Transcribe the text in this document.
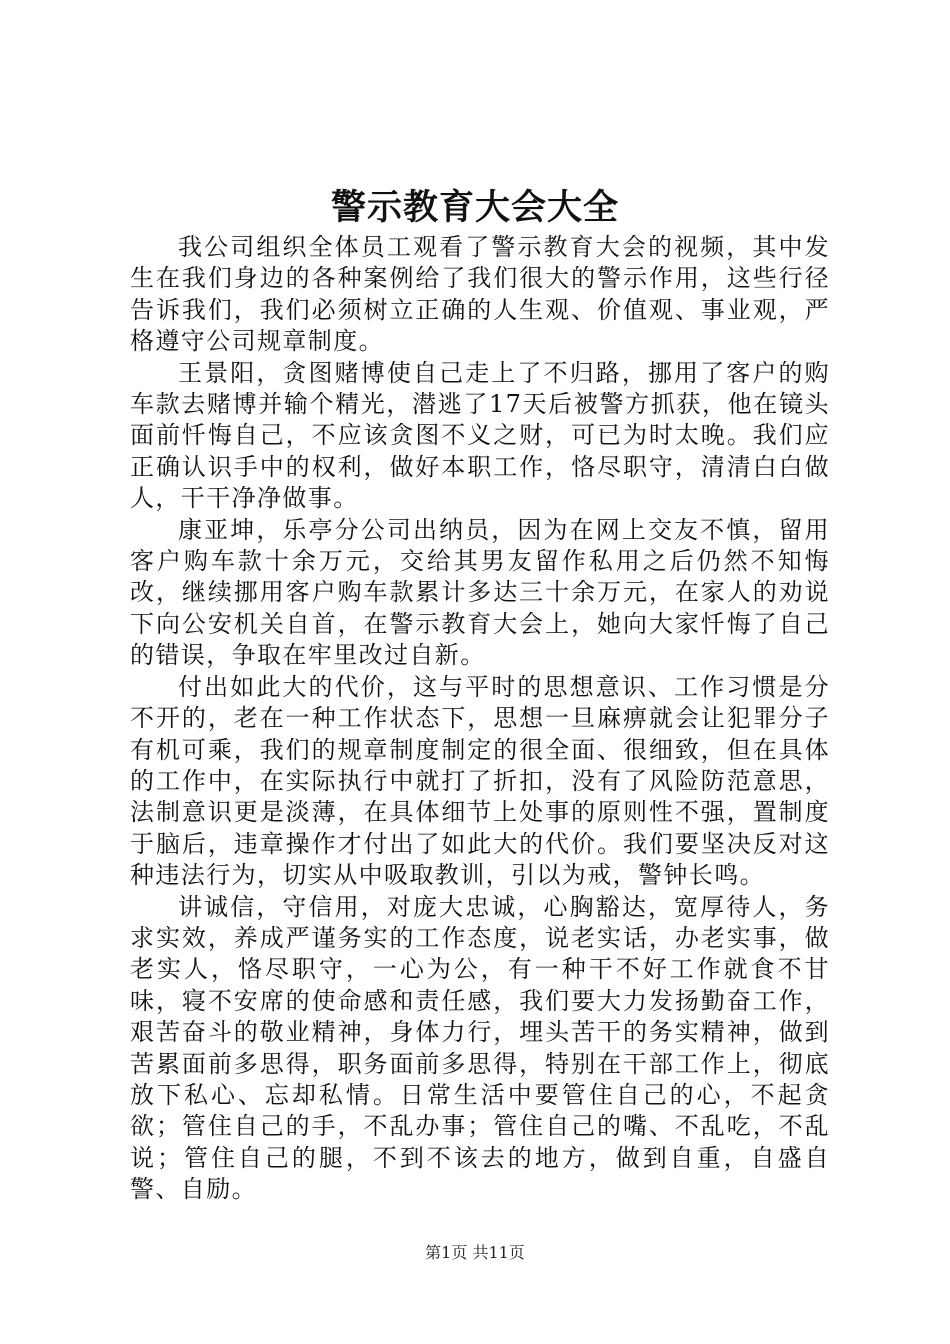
警示教育大会大全

我公司组织全体员工观看了警示教育大会的视频，其中发生在我们身边的各种案例给了我们很大的警示作用，这些行径告诉我们，我们必须树立正确的人生观、价值观、事业观，严格遵守公司规章制度。

王景阳，贪图赌博使自己走上了不归路，挪用了客户的购车款去赌博并输个精光，潜逃了17天后被警方抓获，他在镜头面前忏悔自己，不应该贪图不义之财，可已为时太晚。我们应正确认识手中的权利，做好本职工作，恪尽职守，清清白白做人，干干净净做事。

康亚坤，乐亭分公司出纳员，因为在网上交友不慎，留用客户购车款十余万元，交给其男友留作私用之后仍然不知悔改，继续挪用客户购车款累计多达三十余万元，在家人的劝说下向公安机关自首，在警示教育大会上，她向大家忏悔了自己的错误，争取在牢里改过自新。

付出如此大的代价，这与平时的思想意识、工作习惯是分不开的，老在一种工作状态下，思想一旦麻痹就会让犯罪分子有机可乘，我们的规章制度制定的很全面、很细致，但在具体的工作中，在实际执行中就打了折扣，没有了风险防范意思，法制意识更是淡薄，在具体细节上处事的原则性不强，置制度于脑后，违章操作才付出了如此大的代价。我们要坚决反对这种违法行为，切实从中吸取教训，引以为戒，警钟长鸣。

讲诚信，守信用，对庞大忠诚，心胸豁达，宽厚待人，务求实效，养成严谨务实的工作态度，说老实话，办老实事，做老实人，恪尽职守，一心为公，有一种干不好工作就食不甘味，寝不安席的使命感和责任感，我们要大力发扬勤奋工作，艰苦奋斗的敬业精神，身体力行，埋头苦干的务实精神，做到苦累面前多思得，职务面前多思得，特别在干部工作上，彻底放下私心、忘却私情。日常生活中要管住自己的心，不起贪欲；管住自己的手，不乱办事；管住自己的嘴、不乱吃，不乱说；管住自己的腿，不到不该去的地方，做到自重，自盛自警、自励。

第1页 共11页
